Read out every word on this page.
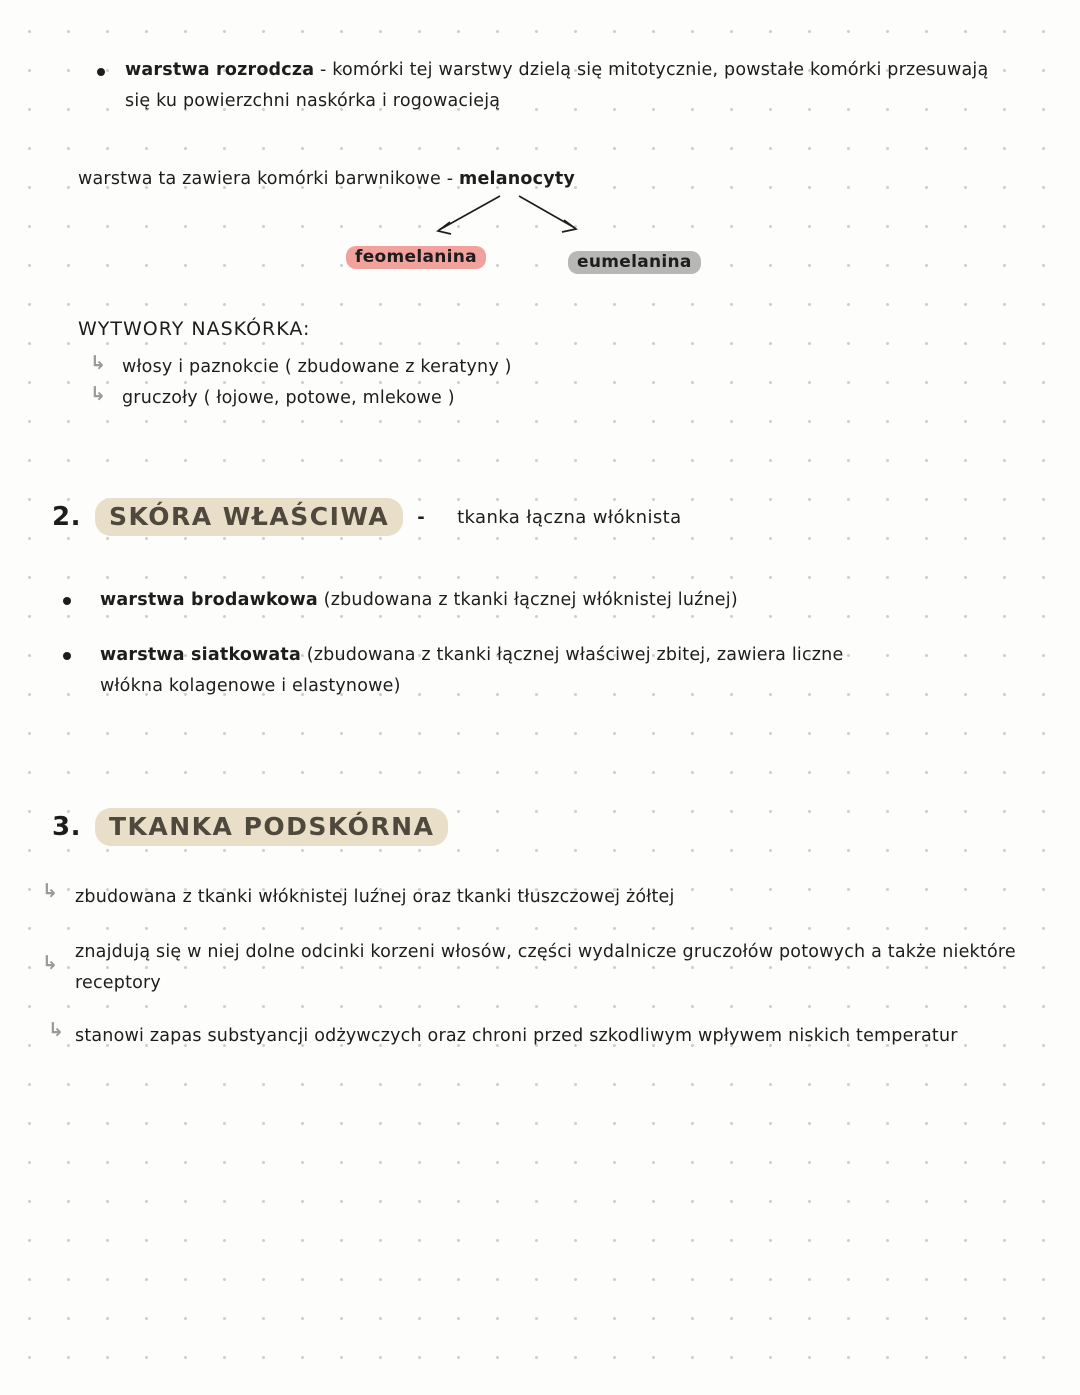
warstwa rozrodcza - komórki tej warstwy dzielą się mitotycznie, powstałe komórki przesuwają się ku powierzchni naskórka i rogowacieją
warstwa ta zawiera komórki barwnikowe - melanocyty
feomelanina	eumelanina
WYTWORY NASKÓRKA:
↳ włosy i paznokcie ( zbudowane z keratyny )
↳ gruczoły ( łojowe, potowe, mlekowe )
2.	SKÓRA WŁAŚCIWA	- tkanka łączna włóknista
warstwa brodawkowa (zbudowana z tkanki łącznej włóknistej luźnej)
warstwa siatkowata (zbudowana z tkanki łącznej właściwej zbitej, zawiera liczne włókna kolagenowe i elastynowe)
3.	TKANKA PODSKÓRNA
↳ zbudowana z tkanki włóknistej luźnej oraz tkanki tłuszczowej żółtej
↳ znajdują się w niej dolne odcinki korzeni włosów, części wydalnicze gruczołów potowych a także niektóre receptory
↳ stanowi zapas substyancji odżywczych oraz chroni przed szkodliwym wpływem niskich temperatur
